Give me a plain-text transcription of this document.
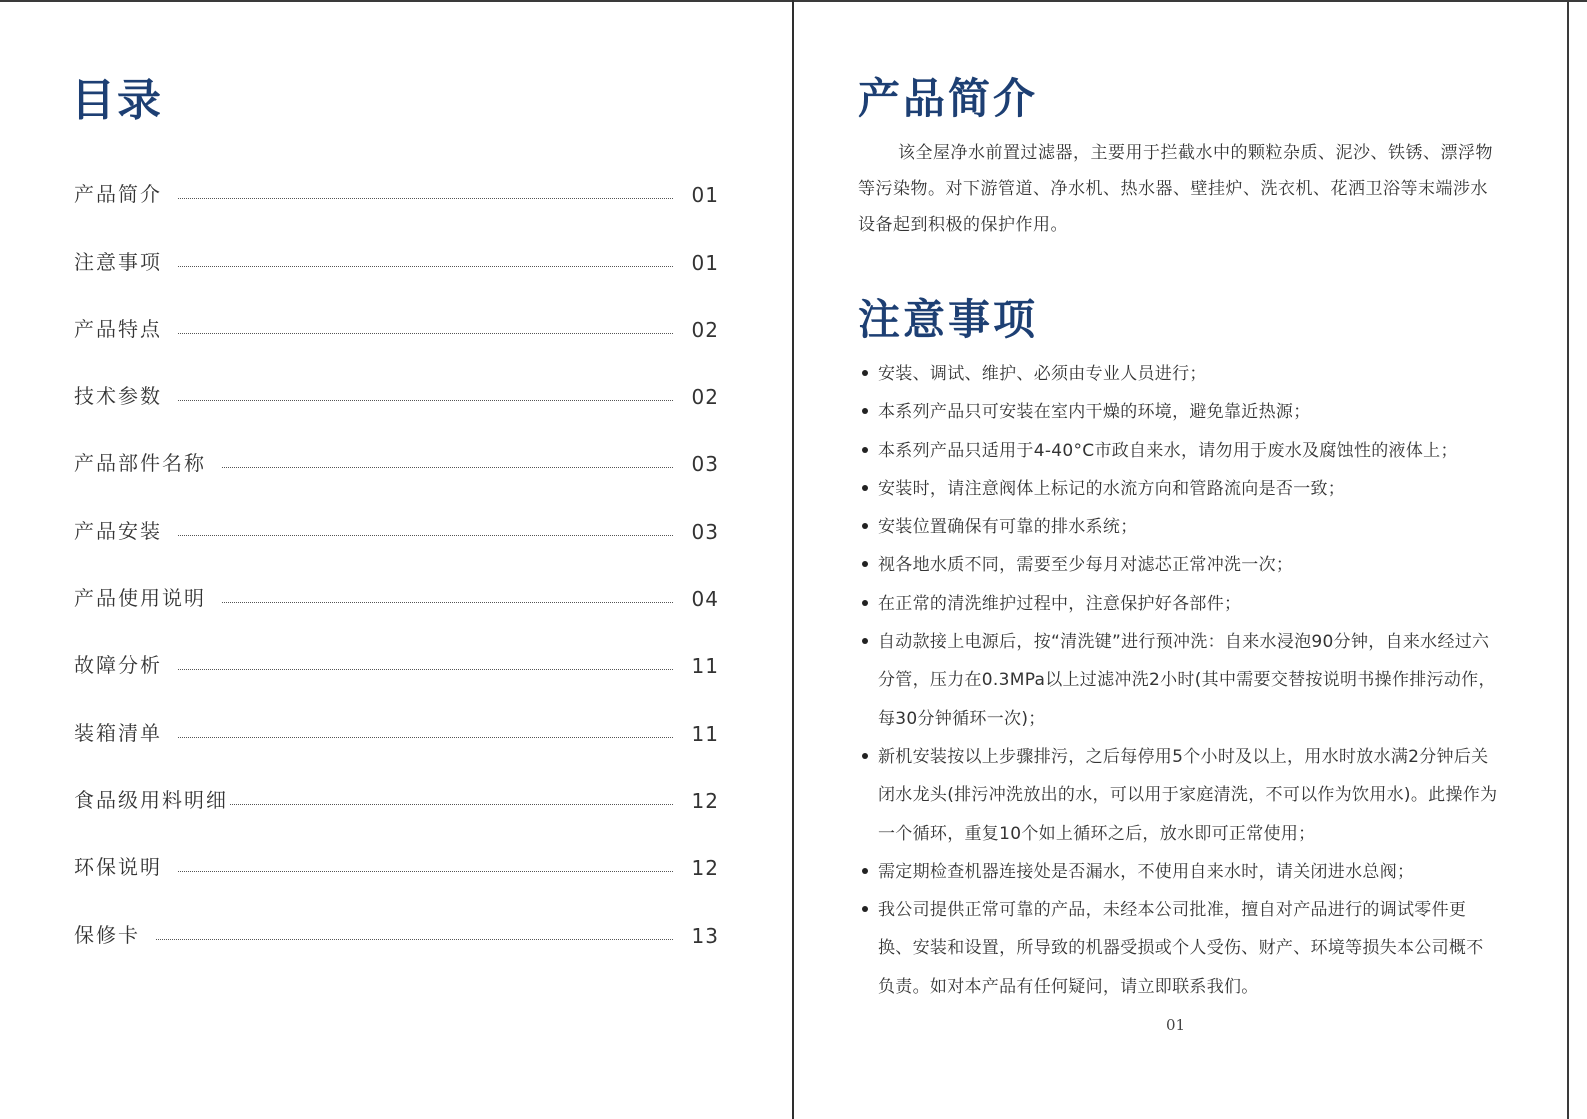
目录
产品简介	01
注意事项	01
产品特点	02
技术参数	02
产品部件名称	03
产品安装	03
产品使用说明	04
故障分析	11
装箱清单	11
食品级用料明细	12
环保说明	12
保修卡	13
产品简介
该全屋净水前置过滤器，主要用于拦截水中的颗粒杂质、泥沙、铁锈、漂浮物等污染物。对下游管道、净水机、热水器、壁挂炉、洗衣机、花洒卫浴等末端涉水设备起到积极的保护作用。
注意事项
安装、调试、维护、必须由专业人员进行；
本系列产品只可安装在室内干燥的环境，避免靠近热源；
本系列产品只适用于4-40°C市政自来水，请勿用于废水及腐蚀性的液体上；
安装时，请注意阀体上标记的水流方向和管路流向是否一致；
安装位置确保有可靠的排水系统；
视各地水质不同，需要至少每月对滤芯正常冲洗一次；
在正常的清洗维护过程中，注意保护好各部件；
自动款接上电源后，按“清洗键”进行预冲洗：自来水浸泡90分钟，自来水经过六分管，压力在0.3MPa以上过滤冲洗2小时(其中需要交替按说明书操作排污动作，每30分钟循环一次)；
新机安装按以上步骤排污，之后每停用5个小时及以上，用水时放水满2分钟后关闭水龙头(排污冲洗放出的水，可以用于家庭清洗，不可以作为饮用水)。此操作为一个循环，重复10个如上循环之后，放水即可正常使用；
需定期检查机器连接处是否漏水，不使用自来水时，请关闭进水总阀；
我公司提供正常可靠的产品，未经本公司批准，擅自对产品进行的调试零件更换、安装和设置，所导致的机器受损或个人受伤、财产、环境等损失本公司概不负责。如对本产品有任何疑问，请立即联系我们。
01
